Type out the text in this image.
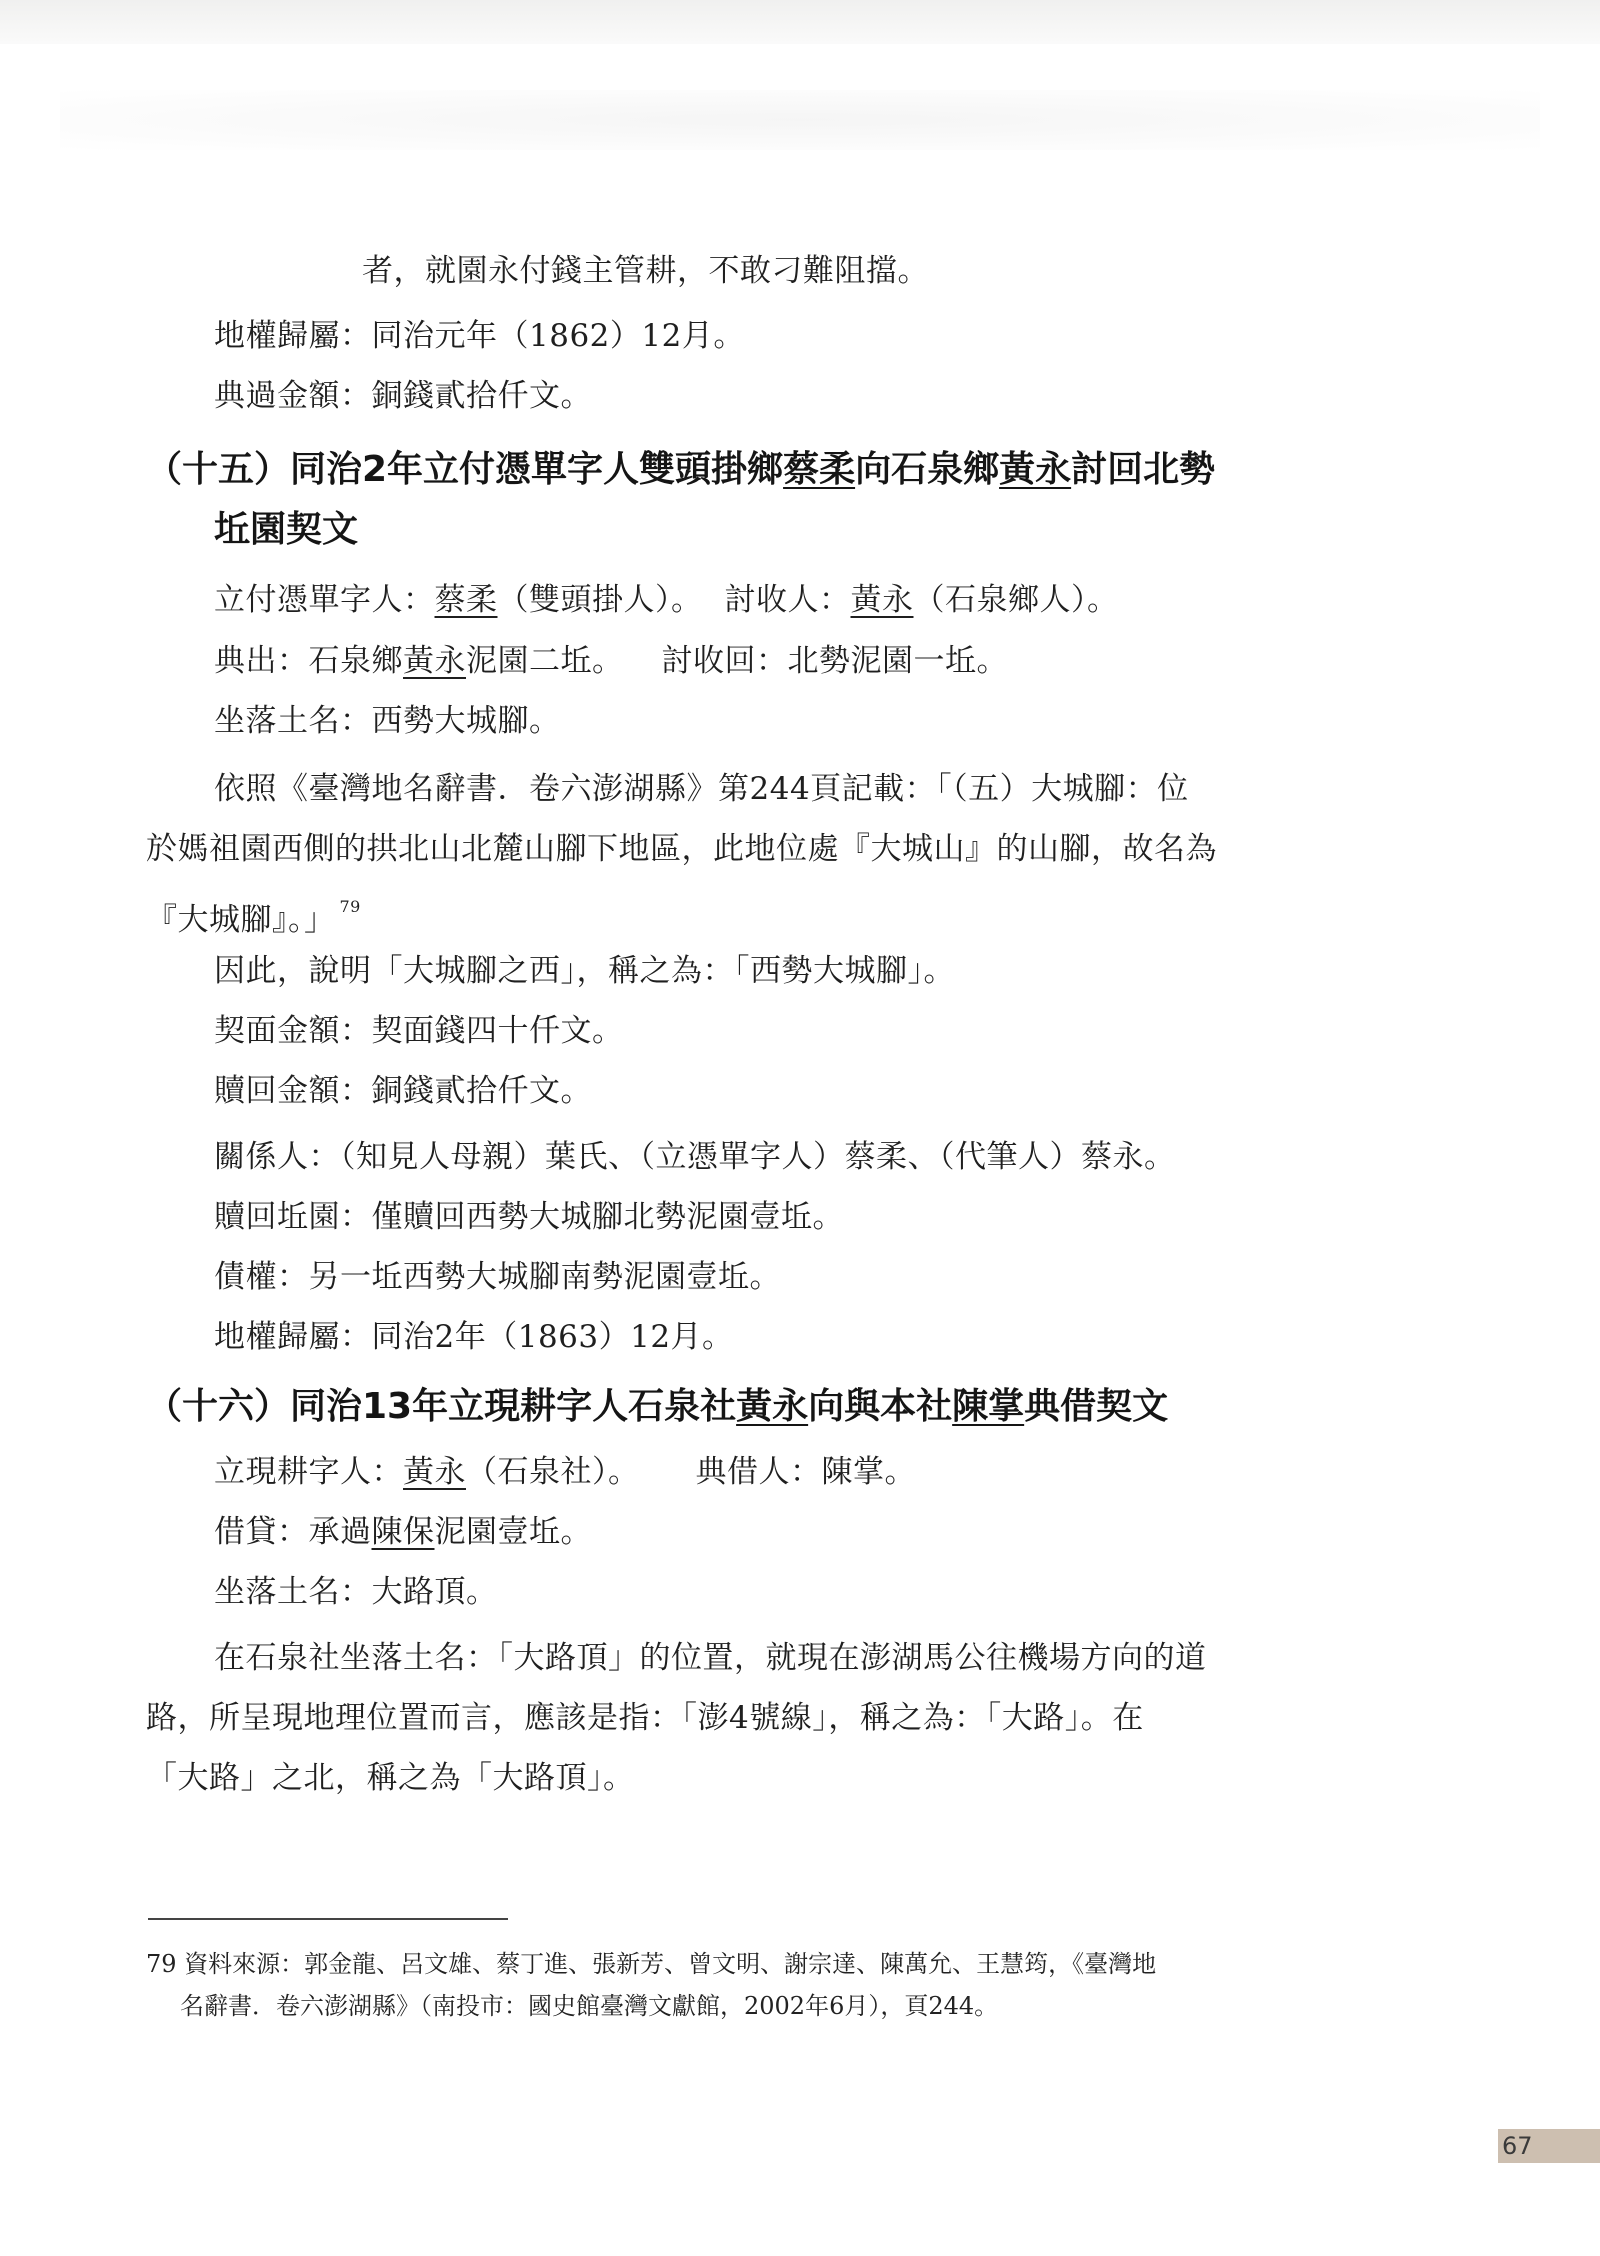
者，就園永付錢主管耕，不敢刁難阻擋。
地權歸屬：同治元年（1862）12月。
典過金額：銅錢貳拾仟文。
（十五）同治2年立付憑單字人雙頭掛鄉蔡柔向石泉鄉黃永討回北勢
坵園契文
立付憑單字人：蔡柔（雙頭掛人）。 討收人：黃永（石泉鄉人）。
典出：石泉鄉黃永泥園二坵。 討收回：北勢泥園一坵。
坐落土名：西勢大城腳。
依照《臺灣地名辭書．卷六澎湖縣》第244頁記載：「（五）大城腳：位
於媽祖園西側的拱北山北麓山腳下地區，此地位處『大城山』的山腳，故名為
『大城腳』。」 $^{79}$
因此，說明「大城腳之西」，稱之為：「西勢大城腳」。
契面金額：契面錢四十仟文。
贖回金額：銅錢貳拾仟文。
關係人：（知見人母親）葉氏、（立憑單字人）蔡柔、（代筆人）蔡永。
贖回坵園：僅贖回西勢大城腳北勢泥園壹坵。
債權：另一坵西勢大城腳南勢泥園壹坵。
地權歸屬：同治2年（1863）12月。
（十六）同治13年立現耕字人石泉社黃永向與本社陳掌典借契文
立現耕字人：黃永（石泉社）。 典借人：陳掌。
借貸：承過陳保泥園壹坵。
坐落土名：大路頂。
在石泉社坐落土名：「大路頂」的位置，就現在澎湖馬公往機場方向的道
路，所呈現地理位置而言，應該是指：「澎4號線」，稱之為：「大路」。在
「大路」之北，稱之為「大路頂」。
79 資料來源：郭金龍、呂文雄、蔡丁進、張新芳、曾文明、謝宗達、陳萬允、王慧筠，《臺灣地
名辭書．卷六澎湖縣》（南投市：國史館臺灣文獻館，2002年6月），頁244。
67
